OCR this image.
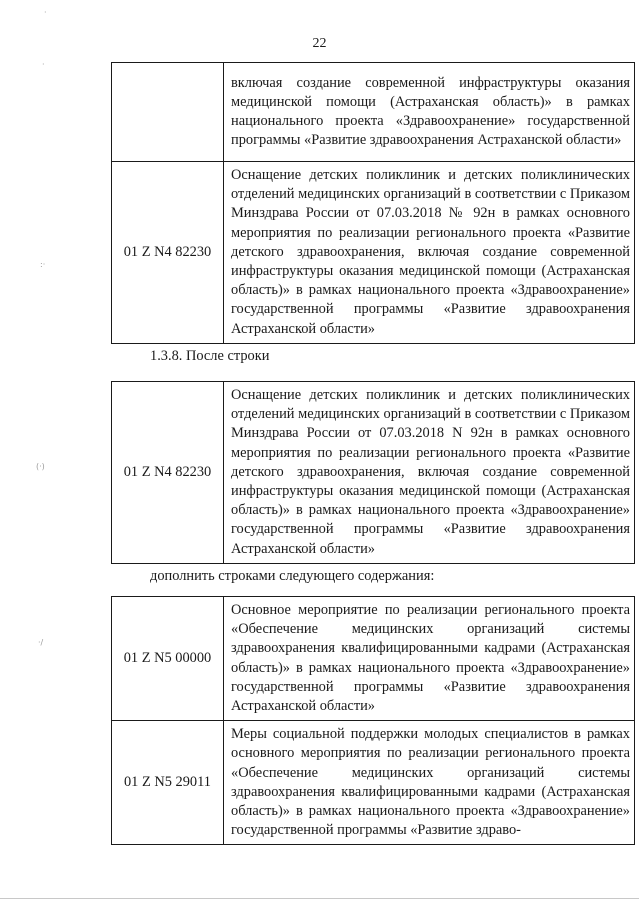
·
·
:·
(·)
·/
22
	включая создание современной инфраструктуры оказания медицинской помощи (Астраханская область)» в рамках национального проекта «Здравоохранение» государственной программы «Развитие здравоохранения Астраханской области»
01 Z N4 82230	Оснащение детских поликлиник и детских поликлинических отделений медицинских организаций в соответствии с Приказом Минздрава России от 07.03.2018 № 92н в рамках основного мероприятия по реализации регионального проекта «Развитие детского здравоохранения, включая создание современной инфраструктуры оказания медицинской помощи (Астраханская область)» в рамках национального проекта «Здравоохранение» государственной программы «Развитие здравоохранения Астраханской области»
1.3.8. После строки
01 Z N4 82230	Оснащение детских поликлиник и детских поликлинических отделений медицинских организаций в соответствии с Приказом Минздрава России от 07.03.2018 N 92н в рамках основного мероприятия по реализации регионального проекта «Развитие детского здравоохранения, включая создание современной инфраструктуры оказания медицинской помощи (Астраханская область)» в рамках национального проекта «Здравоохранение» государственной программы «Развитие здравоохранения Астраханской области»
дополнить строками следующего содержания:
01 Z N5 00000	Основное мероприятие по реализации регионального проекта «Обеспечение медицинских организаций системы здравоохранения квалифицированными кадрами (Астраханская область)» в рамках национального проекта «Здравоохранение» государственной программы «Развитие здравоохранения Астраханской области»
01 Z N5 29011	Меры социальной поддержки молодых специалистов в рамках основного мероприятия по реализации регионального проекта «Обеспечение медицинских организаций системы здравоохранения квалифицированными кадрами (Астраханская область)» в рамках национального проекта «Здравоохранение» государственной программы «Развитие здраво-
